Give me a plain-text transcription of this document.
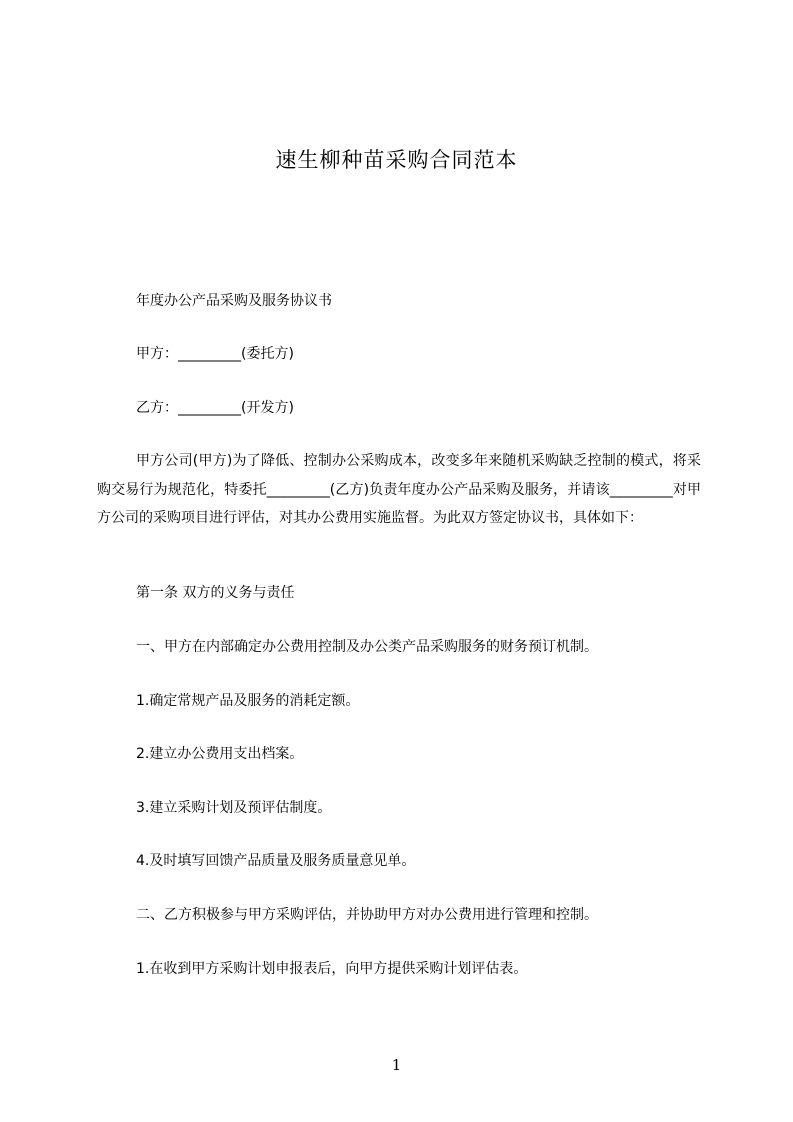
速生柳种苗采购合同范本
年度办公产品采购及服务协议书
甲方：_________(委托方)
乙方：_________(开发方)
甲方公司(甲方)为了降低、控制办公采购成本，改变多年来随机采购缺乏控制的模式，将采购交易行为规范化，特委托_________(乙方)负责年度办公产品采购及服务，并请该_________对甲方公司的采购项目进行评估，对其办公费用实施监督。为此双方签定协议书，具体如下：
第一条 双方的义务与责任
一、甲方在内部确定办公费用控制及办公类产品采购服务的财务预订机制。
1.确定常规产品及服务的消耗定额。
2.建立办公费用支出档案。
3.建立采购计划及预评估制度。
4.及时填写回馈产品质量及服务质量意见单。
二、乙方积极参与甲方采购评估，并协助甲方对办公费用进行管理和控制。
1.在收到甲方采购计划申报表后，向甲方提供采购计划评估表。
1
